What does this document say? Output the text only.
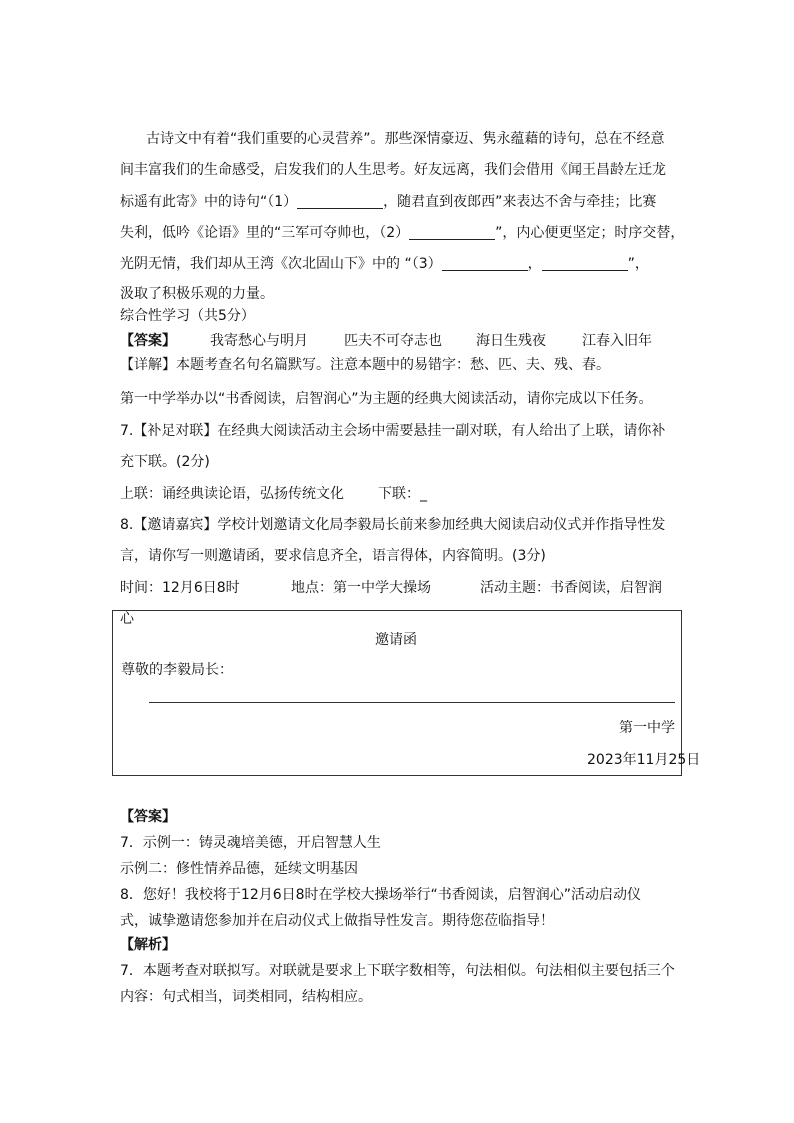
古诗文中有着“我们重要的心灵营养”。那些深情豪迈、隽永蕴藉的诗句，总在不经意
间丰富我们的生命感受，启发我们的人生思考。好友远离，我们会借用《闻王昌龄左迁龙
标遥有此寄》中的诗句“（1）	，随君直到夜郎西”来表达不舍与牵挂；比赛
失利，低吟《论语》里的“三军可夺帅也，（2）	”，内心便更坚定；时序交替，
光阴无情，我们却从王湾《次北固山下》中的 “（3）	，	”，
汲取了积极乐观的力量。
综合性学习（共5分）
【答案】 我寄愁心与明月	匹夫不可夺志也 海日生残夜	江春入旧年
【详解】本题考查名句名篇默写。注意本题中的易错字：愁、匹、夫、残、春。
第一中学举办以“书香阅读，启智润心”为主题的经典大阅读活动，请你完成以下任务。
7.【补足对联】在经典大阅读活动主会场中需要悬挂一副对联，有人给出了上联，请你补
充下联。(2分)
上联：诵经典读论语，弘扬传统文化 下联：_
8.【邀请嘉宾】学校计划邀请文化局李毅局长前来参加经典大阅读启动仪式并作指导性发
言，请你写一则邀请函，要求信息齐全，语言得体，内容简明。(3分)
时间：12月6日8时	地点：第一中学大操场	活动主题：书香阅读，启智润
心
邀请函
尊敬的李毅局长：
第一中学
2023年11月25日
【答案】
7．示例一：铸灵魂培美德，开启智慧人生
示例二：修性情养品德，延续文明基因
8．您好！我校将于12月6日8时在学校大操场举行“书香阅读，启智润心”活动启动仪
式，诚挚邀请您参加并在启动仪式上做指导性发言。期待您莅临指导！
【解析】
7．本题考查对联拟写。对联就是要求上下联字数相等，句法相似。句法相似主要包括三个
内容：句式相当，词类相同，结构相应。
